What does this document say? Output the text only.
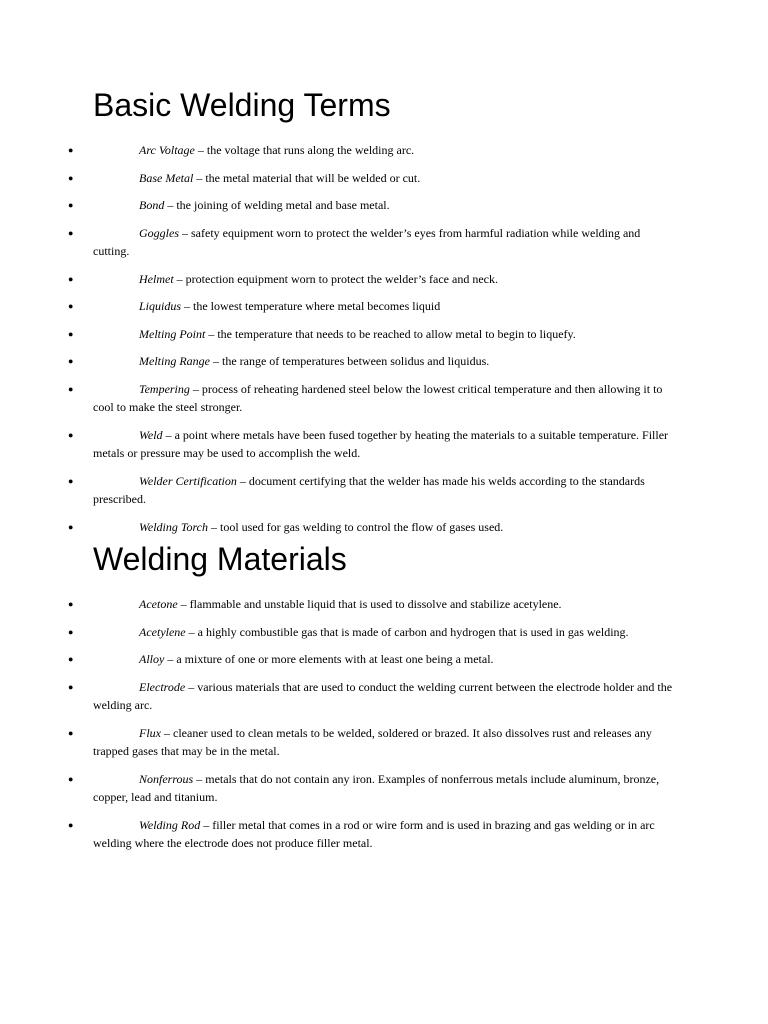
Basic Welding Terms
●	Arc Voltage – the voltage that runs along the welding arc.
●	Base Metal – the metal material that will be welded or cut.
●	Bond – the joining of welding metal and base metal.
●	Goggles – safety equipment worn to protect the welder’s eyes from harmful radiation while welding and cutting.
●	Helmet – protection equipment worn to protect the welder’s face and neck.
●	Liquidus – the lowest temperature where metal becomes liquid
●	Melting Point – the temperature that needs to be reached to allow metal to begin to liquefy.
●	Melting Range – the range of temperatures between solidus and liquidus.
●	Tempering – process of reheating hardened steel below the lowest critical temperature and then allowing it to cool to make the steel stronger.
●	Weld – a point where metals have been fused together by heating the materials to a suitable temperature. Filler metals or pressure may be used to accomplish the weld.
●	Welder Certification – document certifying that the welder has made his welds according to the standards prescribed.
●	Welding Torch – tool used for gas welding to control the flow of gases used.
Welding Materials
●	Acetone – flammable and unstable liquid that is used to dissolve and stabilize acetylene.
●	Acetylene – a highly combustible gas that is made of carbon and hydrogen that is used in gas welding.
●	Alloy – a mixture of one or more elements with at least one being a metal.
●	Electrode – various materials that are used to conduct the welding current between the electrode holder and the welding arc.
●	Flux – cleaner used to clean metals to be welded, soldered or brazed. It also dissolves rust and releases any trapped gases that may be in the metal.
●	Nonferrous – metals that do not contain any iron. Examples of nonferrous metals include aluminum, bronze, copper, lead and titanium.
●	Welding Rod – filler metal that comes in a rod or wire form and is used in brazing and gas welding or in arc welding where the electrode does not produce filler metal.
